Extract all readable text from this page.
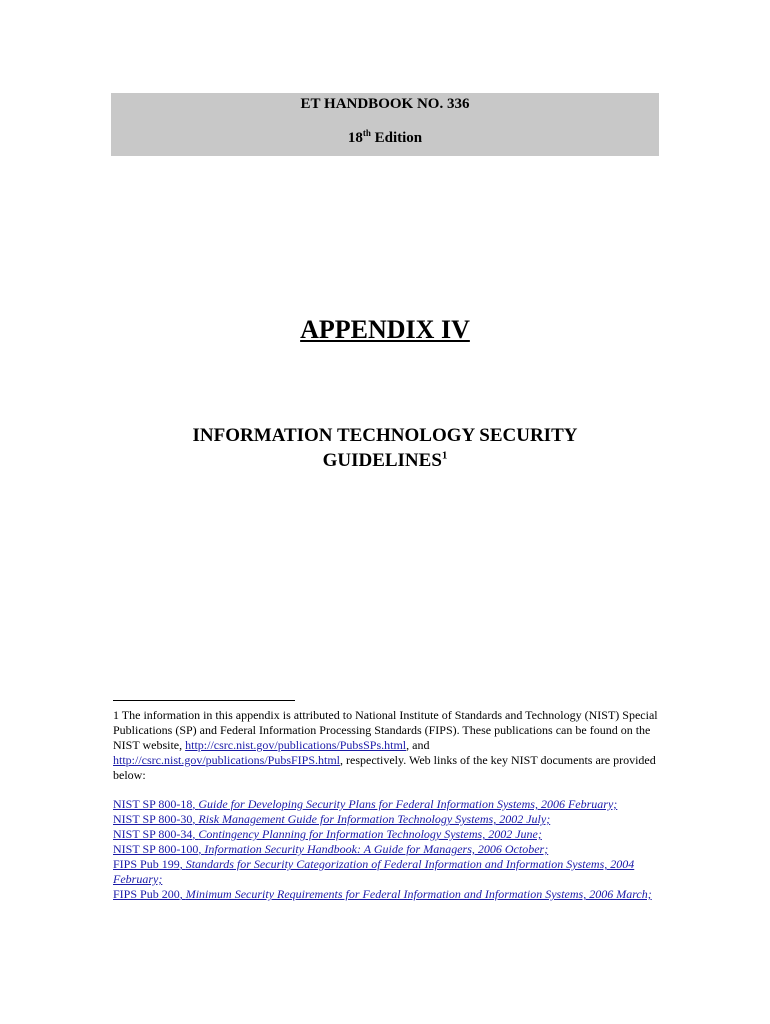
ET HANDBOOK NO. 336
18th Edition
APPENDIX IV
INFORMATION TECHNOLOGY SECURITY
GUIDELINES$^1$
1 The information in this appendix is attributed to National Institute of Standards and Technology (NIST) Special Publications (SP) and Federal Information Processing Standards (FIPS). These publications can be found on the NIST website, http://csrc.nist.gov/publications/PubsSPs.html, and http://csrc.nist.gov/publications/PubsFIPS.html, respectively. Web links of the key NIST documents are provided below:
NIST SP 800-18, Guide for Developing Security Plans for Federal Information Systems, 2006 February;
NIST SP 800-30, Risk Management Guide for Information Technology Systems, 2002 July;
NIST SP 800-34, Contingency Planning for Information Technology Systems, 2002 June;
NIST SP 800-100, Information Security Handbook: A Guide for Managers, 2006 October;
FIPS Pub 199, Standards for Security Categorization of Federal Information and Information Systems, 2004 February;
FIPS Pub 200, Minimum Security Requirements for Federal Information and Information Systems, 2006 March;
